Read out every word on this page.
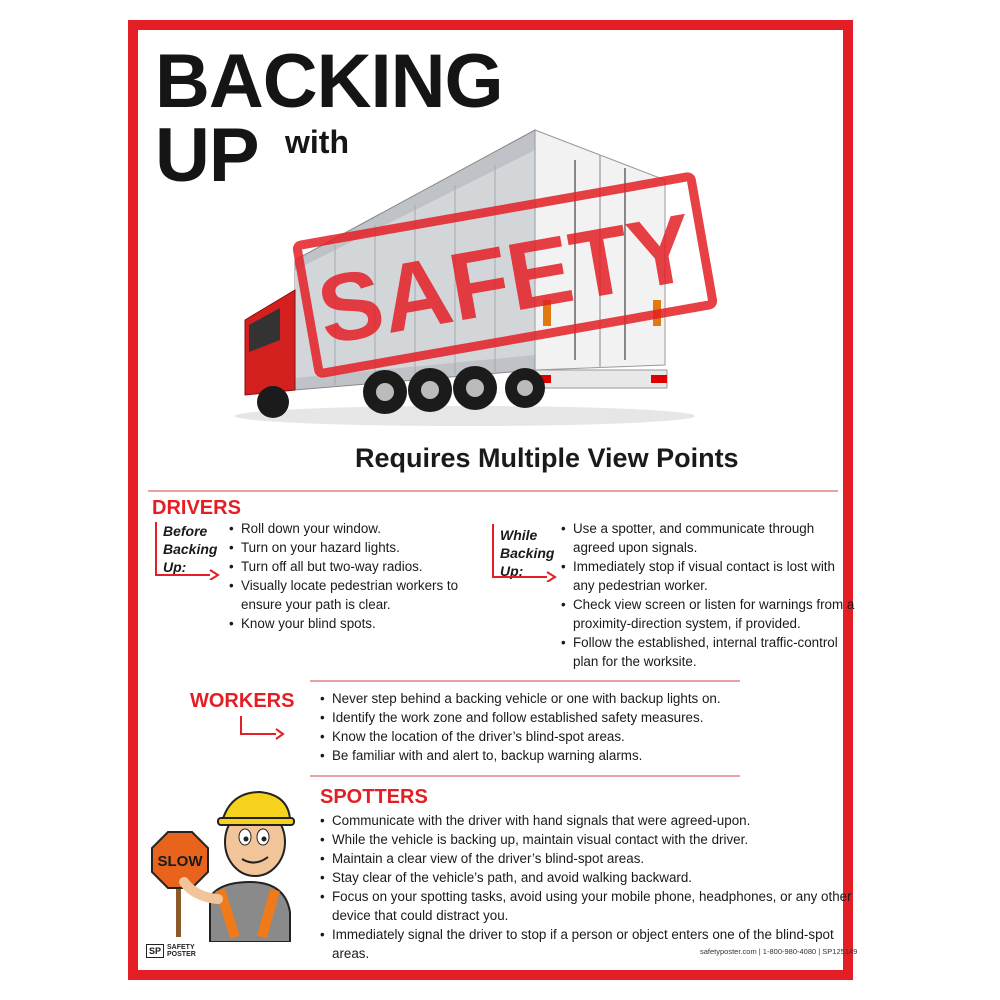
BACKING
UP with
SAFETY
Requires Multiple View Points
DRIVERS
Before
Backing
Up:
• Roll down your window.
• Turn on your hazard lights.
• Turn off all but two-way radios.
• Visually locate pedestrian workers to ensure your path is clear.
• Know your blind spots.
While
Backing
Up:
• Use a spotter, and communicate through agreed upon signals.
• Immediately stop if visual contact is lost with any pedestrian worker.
• Check view screen or listen for warnings from a proximity-direction system, if provided.
• Follow the established, internal traffic-control plan for the worksite.
WORKERS
•	Never step behind a backing vehicle or one with backup lights on.
• Identify the work zone and follow established safety measures.
• Know the location of the driver’s blind-spot areas.
• Be familiar with and alert to, backup warning alarms.
SPOTTERS
• Communicate with the driver with hand signals that were agreed-upon.
• While the vehicle is backing up, maintain visual contact with the driver.
• Maintain a clear view of the driver’s blind-spot areas.
• Stay clear of the vehicle’s path, and avoid walking backward.
• Focus on your spotting tasks, avoid using your mobile phone, headphones, or any other device that could distract you.
• Immediately signal the driver to stop if a person or object enters one of the blind-spot areas.
SLOW
SP SAFETY
POSTER	safetyposter.com | 1-800-980-4080 | SP125149
